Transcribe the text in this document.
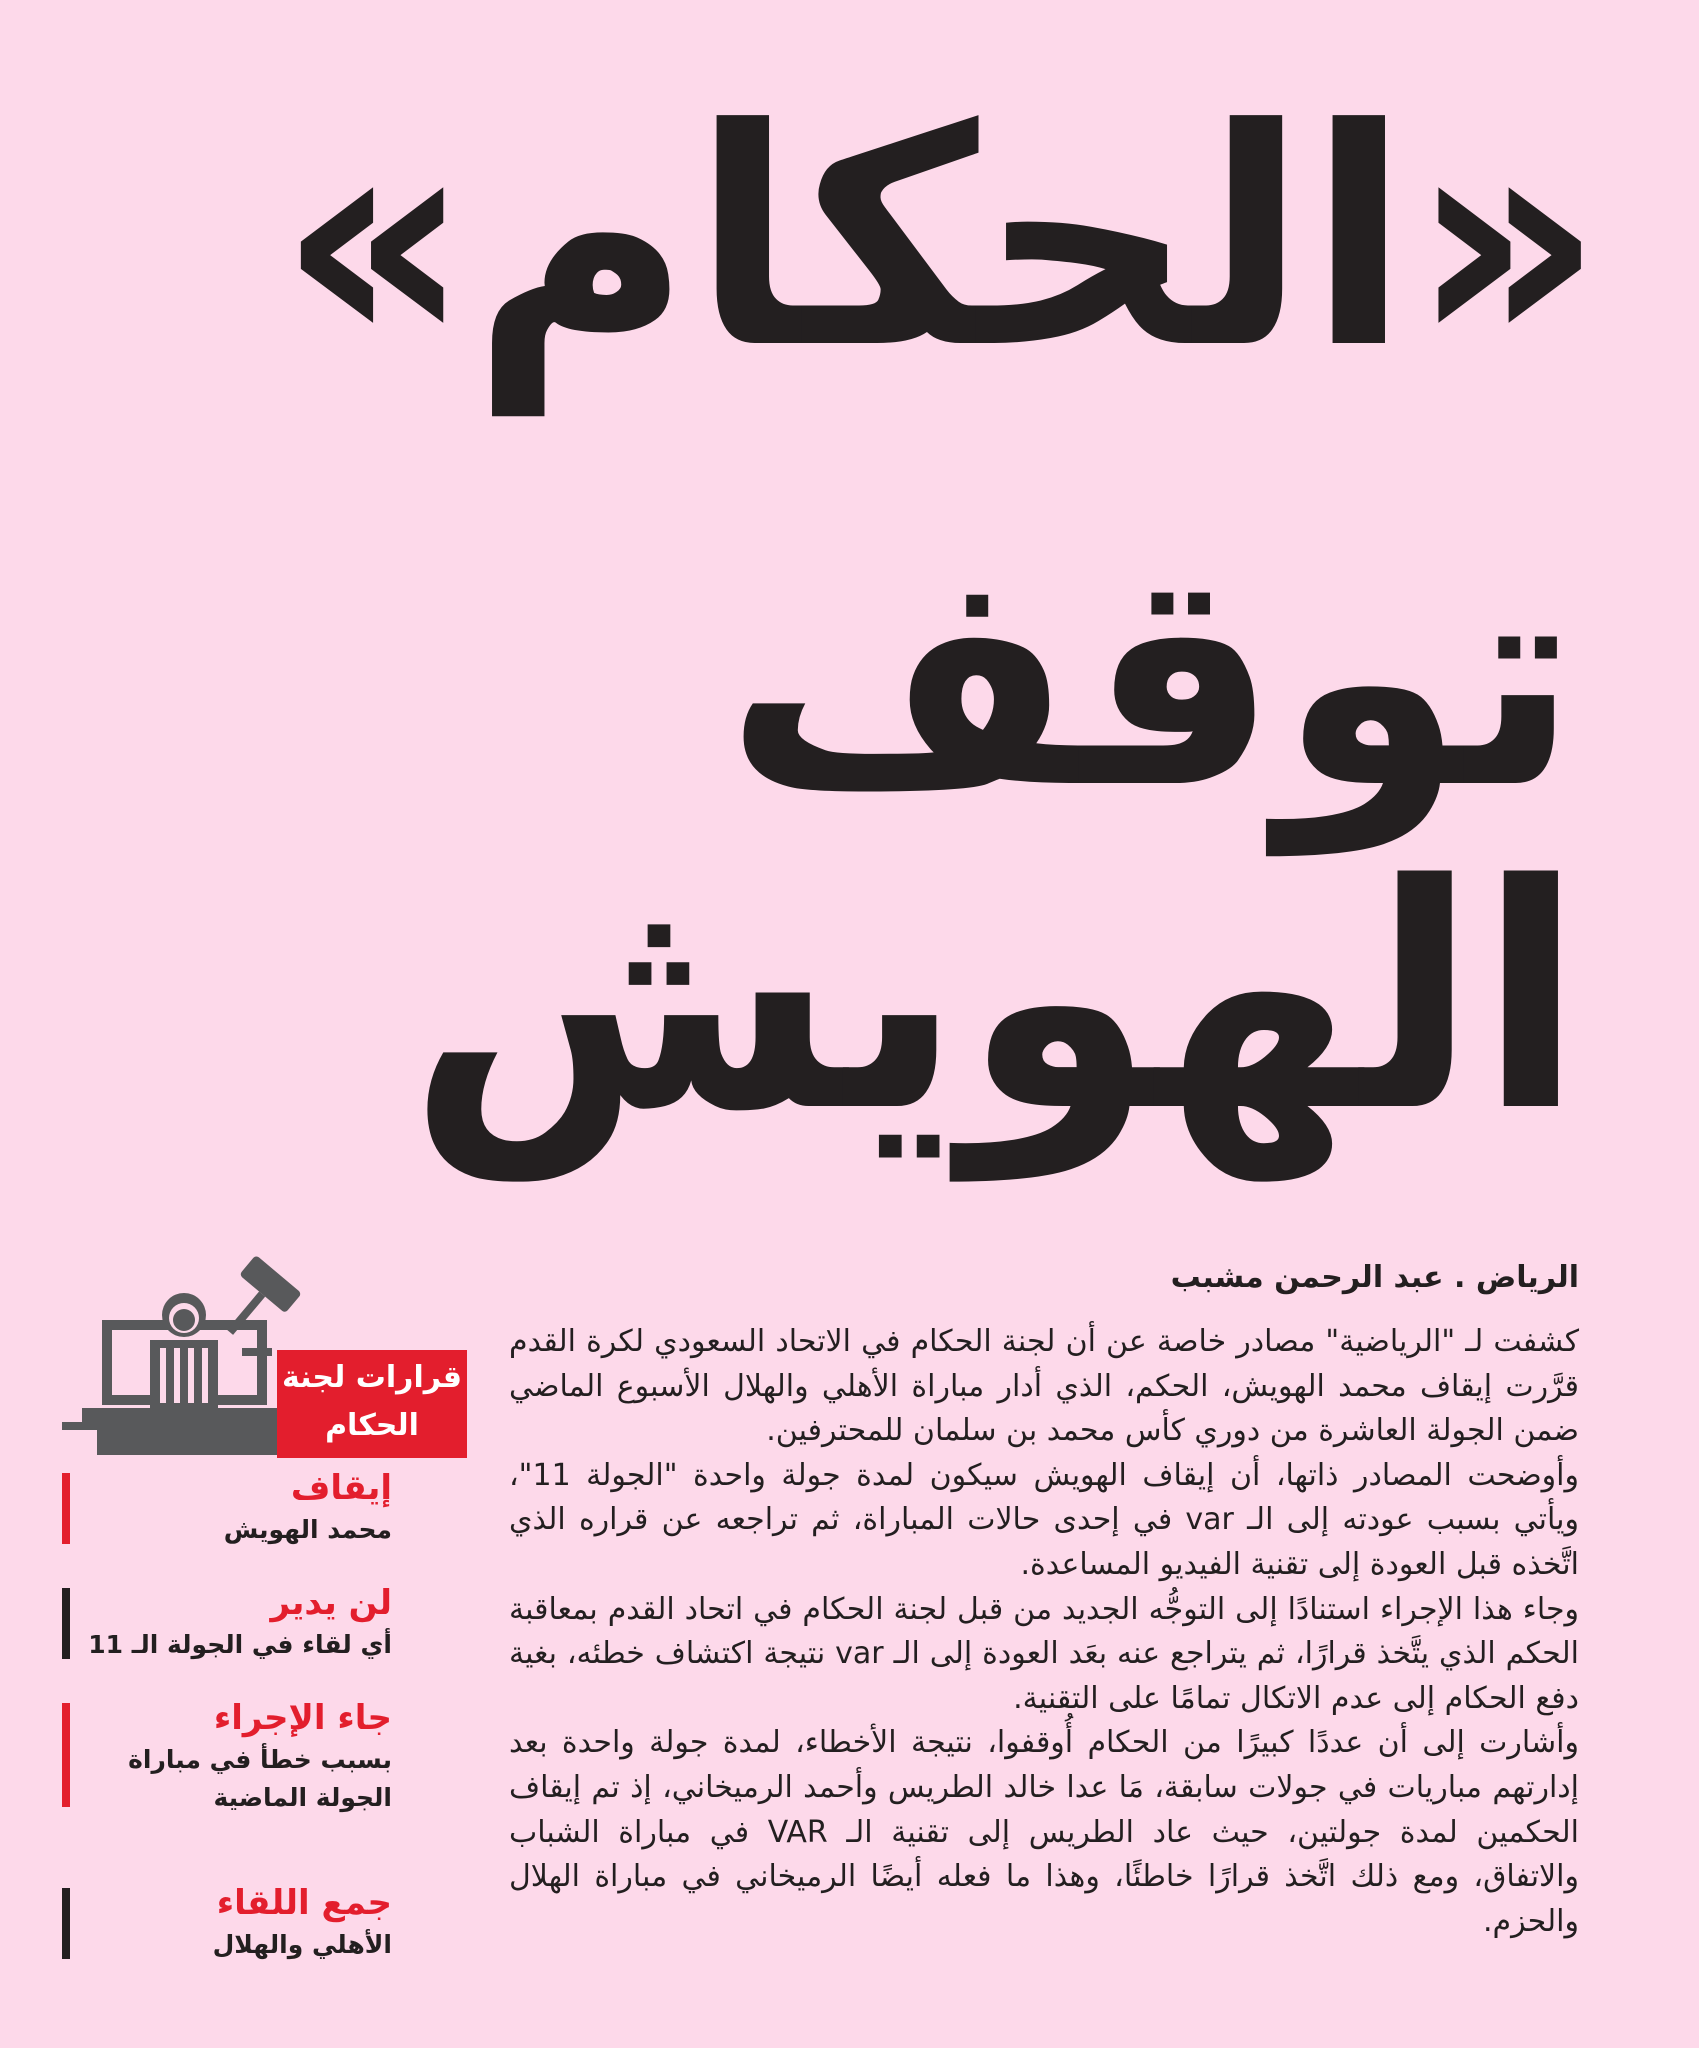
«الحكام»
توقف
الهويش
الرياض . عبد الرحمن مشبب

كشفت لـ "الرياضية" مصادر خاصة عن أن لجنة الحكام في الاتحاد السعودي لكرة القدم قرَّرت إيقاف محمد الهويش، الحكم، الذي أدار مباراة الأهلي والهلال الأسبوع الماضي ضمن الجولة العاشرة من دوري كأس محمد بن سلمان للمحترفين.

وأوضحت المصادر ذاتها، أن إيقاف الهويش سيكون لمدة جولة واحدة "الجولة 11"، ويأتي بسبب عودته إلى الـ var في إحدى حالات المباراة، ثم تراجعه عن قراره الذي اتَّخذه قبل العودة إلى تقنية الفيديو المساعدة.

وجاء هذا الإجراء استنادًا إلى التوجُّه الجديد من قبل لجنة الحكام في اتحاد القدم بمعاقبة الحكم الذي يتَّخذ قرارًا، ثم يتراجع عنه بعَد العودة إلى الـ var نتيجة اكتشاف خطئه، بغية دفع الحكام إلى عدم الاتكال تمامًا على التقنية.

وأشارت إلى أن عددًا كبيرًا من الحكام أُوقفوا، نتيجة الأخطاء، لمدة جولة واحدة بعد إدارتهم مباريات في جولات سابقة، مَا عدا خالد الطريس وأحمد الرميخاني، إذ تم إيقاف الحكمين لمدة جولتين، حيث عاد الطريس إلى تقنية الـ VAR في مباراة الشباب والاتفاق، ومع ذلك اتَّخذ قرارًا خاطئًا، وهذا ما فعله أيضًا الرميخاني في مباراة الهلال والحزم.

قرارات لجنة
الحكام
إيقاف
محمد الهويش
لن يدير
أي لقاء في الجولة الـ 11
جاء الإجراء
بسبب خطأ في مباراة
الجولة الماضية
جمع اللقاء
الأهلي والهلال
